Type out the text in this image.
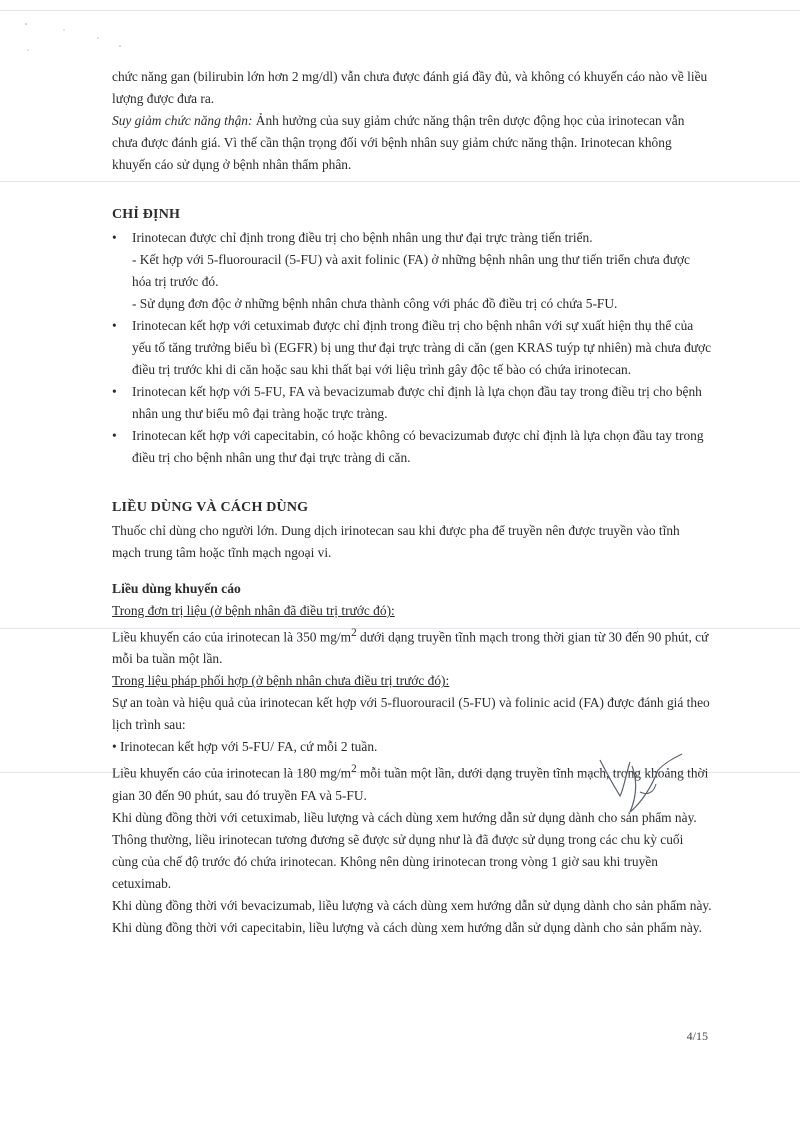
chức năng gan (bilirubin lớn hơn 2 mg/dl) vẫn chưa được đánh giá đầy đủ, và không có khuyến cáo nào về liều lượng được đưa ra.

Suy giảm chức năng thận: Ảnh hưởng của suy giảm chức năng thận trên dược động học của irinotecan vẫn chưa được đánh giá. Vì thế cần thận trọng đối với bệnh nhân suy giảm chức năng thận. Irinotecan không khuyến cáo sử dụng ở bệnh nhân thẩm phân.

CHỈ ĐỊNH

• Irinotecan được chỉ định trong điều trị cho bệnh nhân ung thư đại trực tràng tiến triển.
- Kết hợp với 5-fluorouracil (5-FU) và axit folinic (FA) ở những bệnh nhân ung thư tiến triển chưa được hóa trị trước đó.
- Sử dụng đơn độc ở những bệnh nhân chưa thành công với phác đồ điều trị có chứa 5-FU.
• Irinotecan kết hợp với cetuximab được chỉ định trong điều trị cho bệnh nhân với sự xuất hiện thụ thể của yếu tố tăng trưởng biểu bì (EGFR) bị ung thư đại trực tràng di căn (gen KRAS tuýp tự nhiên) mà chưa được điều trị trước khi di căn hoặc sau khi thất bại với liệu trình gây độc tế bào có chứa irinotecan.
• Irinotecan kết hợp với 5-FU, FA và bevacizumab được chỉ định là lựa chọn đầu tay trong điều trị cho bệnh nhân ung thư biểu mô đại tràng hoặc trực tràng.
• Irinotecan kết hợp với capecitabin, có hoặc không có bevacizumab được chỉ định là lựa chọn đầu tay trong điều trị cho bệnh nhân ung thư đại trực tràng di căn.

LIỀU DÙNG VÀ CÁCH DÙNG

Thuốc chỉ dùng cho người lớn. Dung dịch irinotecan sau khi được pha để truyền nên được truyền vào tĩnh mạch trung tâm hoặc tĩnh mạch ngoại vi.

Liều dùng khuyến cáo

Trong đơn trị liệu (ở bệnh nhân đã điều trị trước đó):

Liều khuyến cáo của irinotecan là 350 $mg/m^2$ dưới dạng truyền tĩnh mạch trong thời gian từ 30 đến 90 phút, cứ mỗi ba tuần một lần.

Trong liệu pháp phối hợp (ở bệnh nhân chưa điều trị trước đó):

Sự an toàn và hiệu quả của irinotecan kết hợp với 5-fluorouracil (5-FU) và folinic acid (FA) được đánh giá theo lịch trình sau:

• Irinotecan kết hợp với 5-FU/ FA, cứ mỗi 2 tuần.

Liều khuyến cáo của irinotecan là 180 $mg/m^2$ mỗi tuần một lần, dưới dạng truyền tĩnh mạch, trong khoảng thời gian 30 đến 90 phút, sau đó truyền FA và 5-FU.

Khi dùng đồng thời với cetuximab, liều lượng và cách dùng xem hướng dẫn sử dụng dành cho sản phẩm này. Thông thường, liều irinotecan tương đương sẽ được sử dụng như là đã được sử dụng trong các chu kỳ cuối cùng của chế độ trước đó chứa irinotecan. Không nên dùng irinotecan trong vòng 1 giờ sau khi truyền cetuximab.

Khi dùng đồng thời với bevacizumab, liều lượng và cách dùng xem hướng dẫn sử dụng dành cho sản phẩm này.

Khi dùng đồng thời với capecitabin, liều lượng và cách dùng xem hướng dẫn sử dụng dành cho sản phẩm này.

4/15
